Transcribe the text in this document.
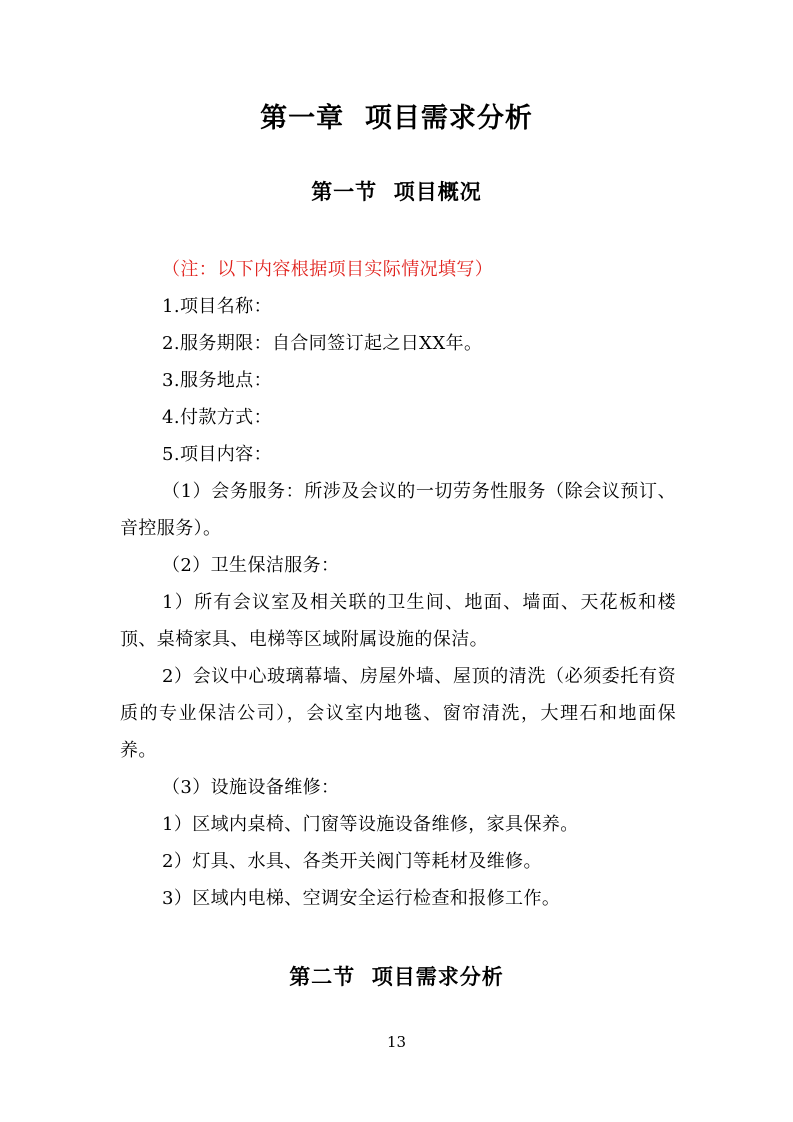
第一章  项目需求分析
第一节  项目概况
（注：以下内容根据项目实际情况填写）

1.项目名称：

2.服务期限：自合同签订起之日XX年。

3.服务地点：

4.付款方式：

5.项目内容：

（1）会务服务：所涉及会议的一切劳务性服务（除会议预订、音控服务）。

（2）卫生保洁服务：

1）所有会议室及相关联的卫生间、地面、墙面、天花板和楼顶、桌椅家具、电梯等区域附属设施的保洁。

2）会议中心玻璃幕墙、房屋外墙、屋顶的清洗（必须委托有资质的专业保洁公司），会议室内地毯、窗帘清洗，大理石和地面保养。

（3）设施设备维修：

1）区域内桌椅、门窗等设施设备维修，家具保养。

2）灯具、水具、各类开关阀门等耗材及维修。

3）区域内电梯、空调安全运行检查和报修工作。

第二节  项目需求分析
13
